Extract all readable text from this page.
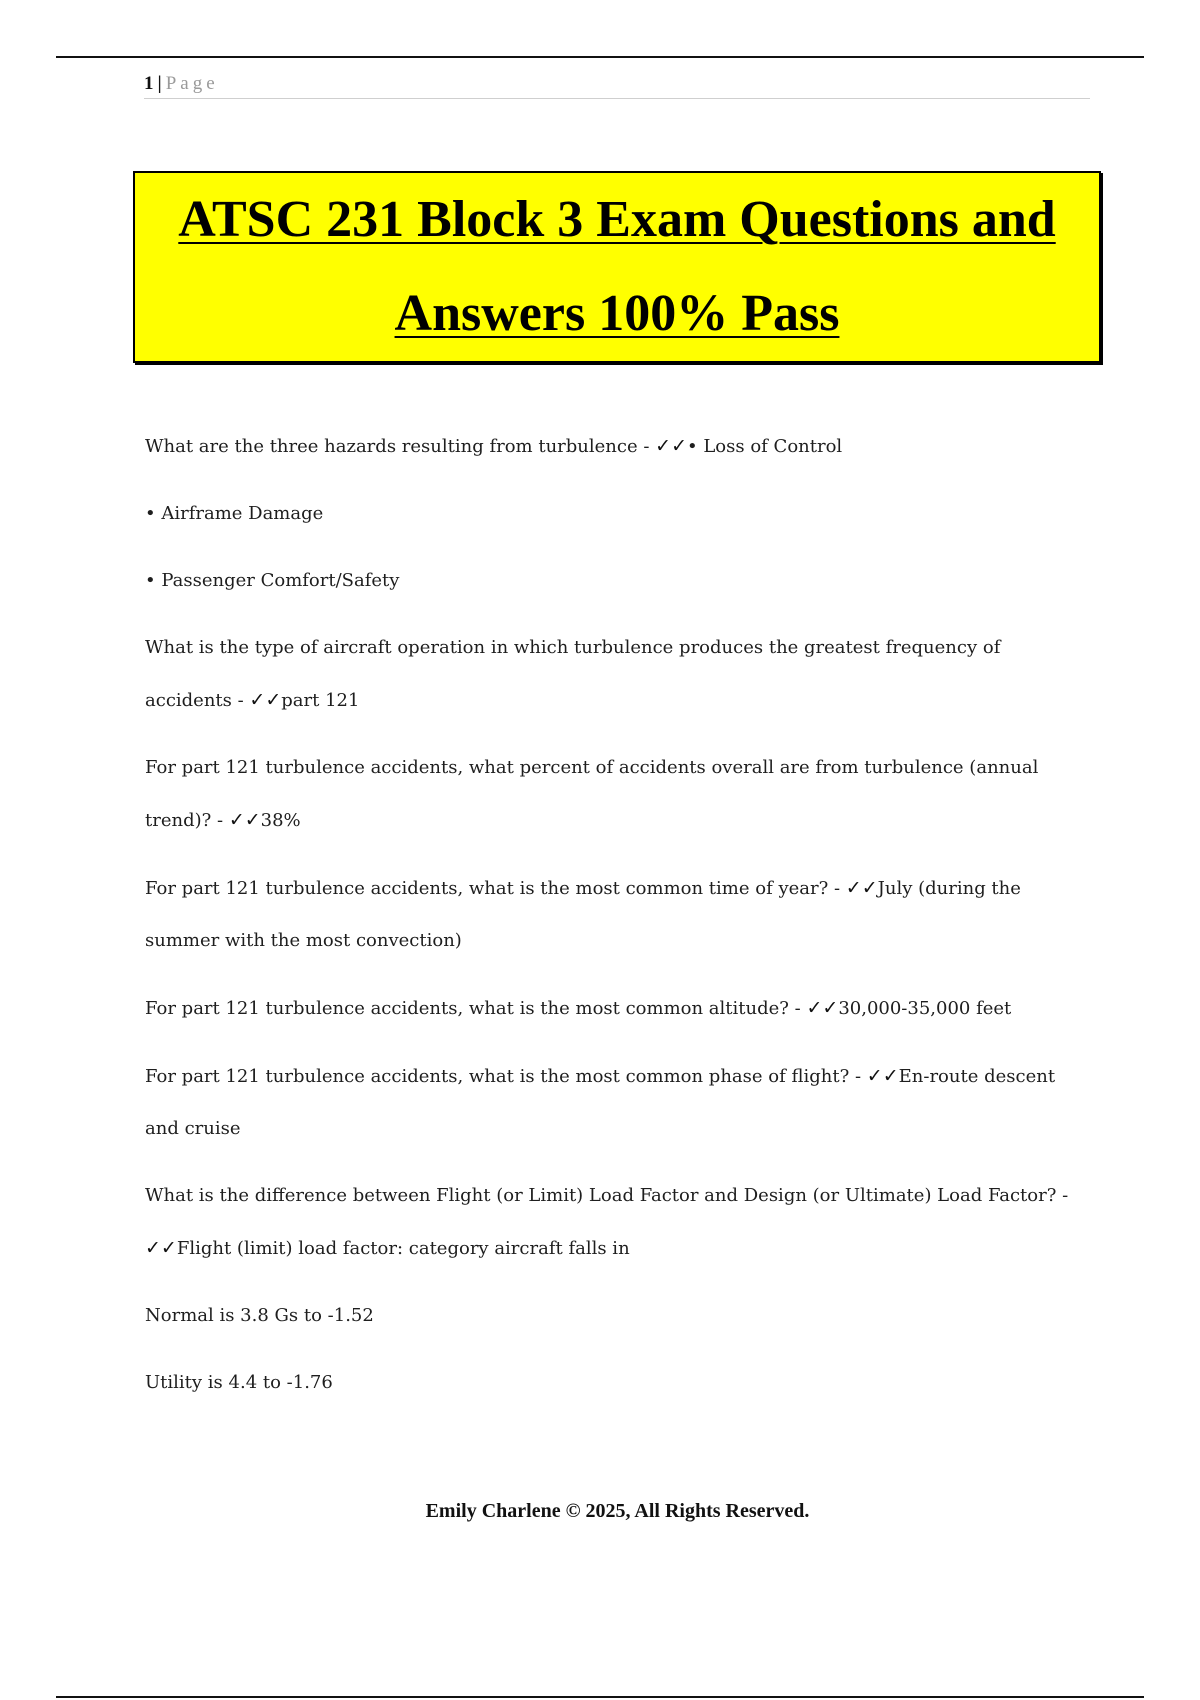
1 | Page
ATSC 231 Block 3 Exam Questions and
Answers 100% Pass

What are the three hazards resulting from turbulence - ✓✓• Loss of Control

• Airframe Damage

• Passenger Comfort/Safety

What is the type of aircraft operation in which turbulence produces the greatest frequency of accidents - ✓✓part 121

For part 121 turbulence accidents, what percent of accidents overall are from turbulence (annual trend)? - ✓✓38%

For part 121 turbulence accidents, what is the most common time of year? - ✓✓July (during the summer with the most convection)

For part 121 turbulence accidents, what is the most common altitude? - ✓✓30,000-35,000 feet

For part 121 turbulence accidents, what is the most common phase of flight? - ✓✓En-route descent and cruise

What is the difference between Flight (or Limit) Load Factor and Design (or Ultimate) Load Factor? - ✓✓Flight (limit) load factor: category aircraft falls in

Normal is 3.8 Gs to -1.52

Utility is 4.4 to -1.76

Emily Charlene © 2025, All Rights Reserved.
